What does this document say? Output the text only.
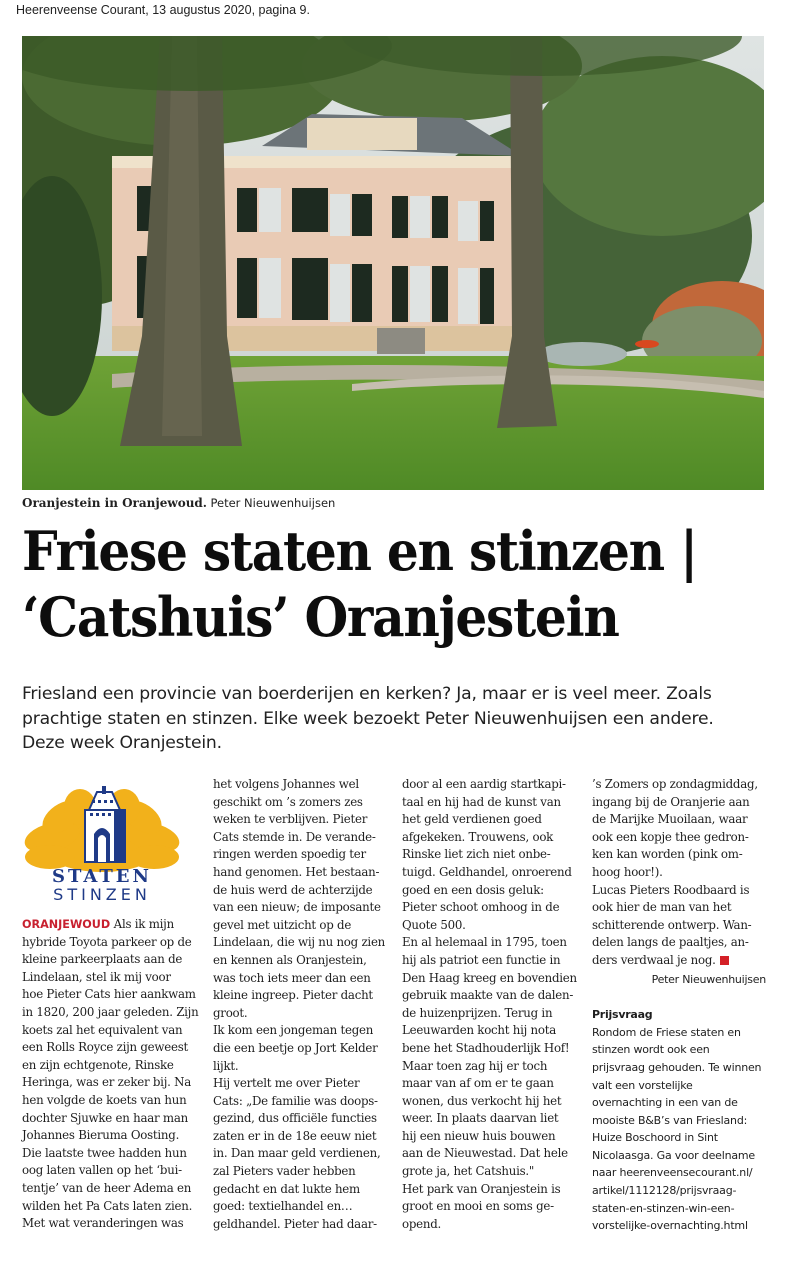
Heerenveense Courant, 13 augustus 2020, pagina 9.
Oranjestein in Oranjewoud. Peter Nieuwenhuijsen
Friese staten en stinzen |
‘Catshuis’ Oranjestein
Friesland een provincie van boerderijen en kerken? Ja, maar er is veel meer. Zoals
prachtige staten en stinzen. Elke week bezoekt Peter Nieuwenhuijsen een andere.
Deze week Oranjestein.
STATEN
STINZEN
ORANJEWOUD Als ik mijn
hybride Toyota parkeer op de
kleine parkeerplaats aan de
Lindelaan, stel ik mij voor
hoe Pieter Cats hier aankwam
in 1820, 200 jaar geleden. Zijn
koets zal het equivalent van
een Rolls Royce zijn geweest
en zijn echtgenote, Rinske
Heringa, was er zeker bij. Na
hen volgde de koets van hun
dochter Sjuwke en haar man
Johannes Bieruma Oosting.
Die laatste twee hadden hun
oog laten vallen op het ‘bui-
tentje’ van de heer Adema en
wilden het Pa Cats laten zien.
Met wat veranderingen was
het volgens Johannes wel
geschikt om ’s zomers zes
weken te verblijven. Pieter
Cats stemde in. De verande-
ringen werden spoedig ter
hand genomen. Het bestaan-
de huis werd de achterzijde
van een nieuw; de imposante
gevel met uitzicht op de
Lindelaan, die wij nu nog zien
en kennen als Oranjestein,
was toch iets meer dan een
kleine ingreep. Pieter dacht
groot.
Ik kom een jongeman tegen
die een beetje op Jort Kelder
lijkt.
Hij vertelt me over Pieter
Cats: „De familie was doops-
gezind, dus officiële functies
zaten er in de 18e eeuw niet
in. Dan maar geld verdienen,
zal Pieters vader hebben
gedacht en dat lukte hem
goed: textielhandel en…
geldhandel. Pieter had daar-
door al een aardig startkapi-
taal en hij had de kunst van
het geld verdienen goed
afgekeken. Trouwens, ook
Rinske liet zich niet onbe-
tuigd. Geldhandel, onroerend
goed en een dosis geluk:
Pieter schoot omhoog in de
Quote 500.
En al helemaal in 1795, toen
hij als patriot een functie in
Den Haag kreeg en bovendien
gebruik maakte van de dalen-
de huizenprijzen. Terug in
Leeuwarden kocht hij nota
bene het Stadhouderlijk Hof!
Maar toen zag hij er toch
maar van af om er te gaan
wonen, dus verkocht hij het
weer. In plaats daarvan liet
hij een nieuw huis bouwen
aan de Nieuwestad. Dat hele
grote ja, het Catshuis."
Het park van Oranjestein is
groot en mooi en soms ge-
opend.
’s Zomers op zondagmiddag,
ingang bij de Oranjerie aan
de Marijke Muoilaan, waar
ook een kopje thee gedron-
ken kan worden (pink om-
hoog hoor!).
Lucas Pieters Roodbaard is
ook hier de man van het
schitterende ontwerp. Wan-
delen langs de paaltjes, an-
ders verdwaal je nog.
Peter Nieuwenhuijsen
Prijsvraag
Rondom de Friese staten en
stinzen wordt ook een
prijsvraag gehouden. Te winnen
valt een vorstelijke
overnachting in een van de
mooiste B&B’s van Friesland:
Huize Boschoord in Sint
Nicolaasga. Ga voor deelname
naar heerenveensecourant.nl/
artikel/1112128/prijsvraag-
staten-en-stinzen-win-een-
vorstelijke-overnachting.html
